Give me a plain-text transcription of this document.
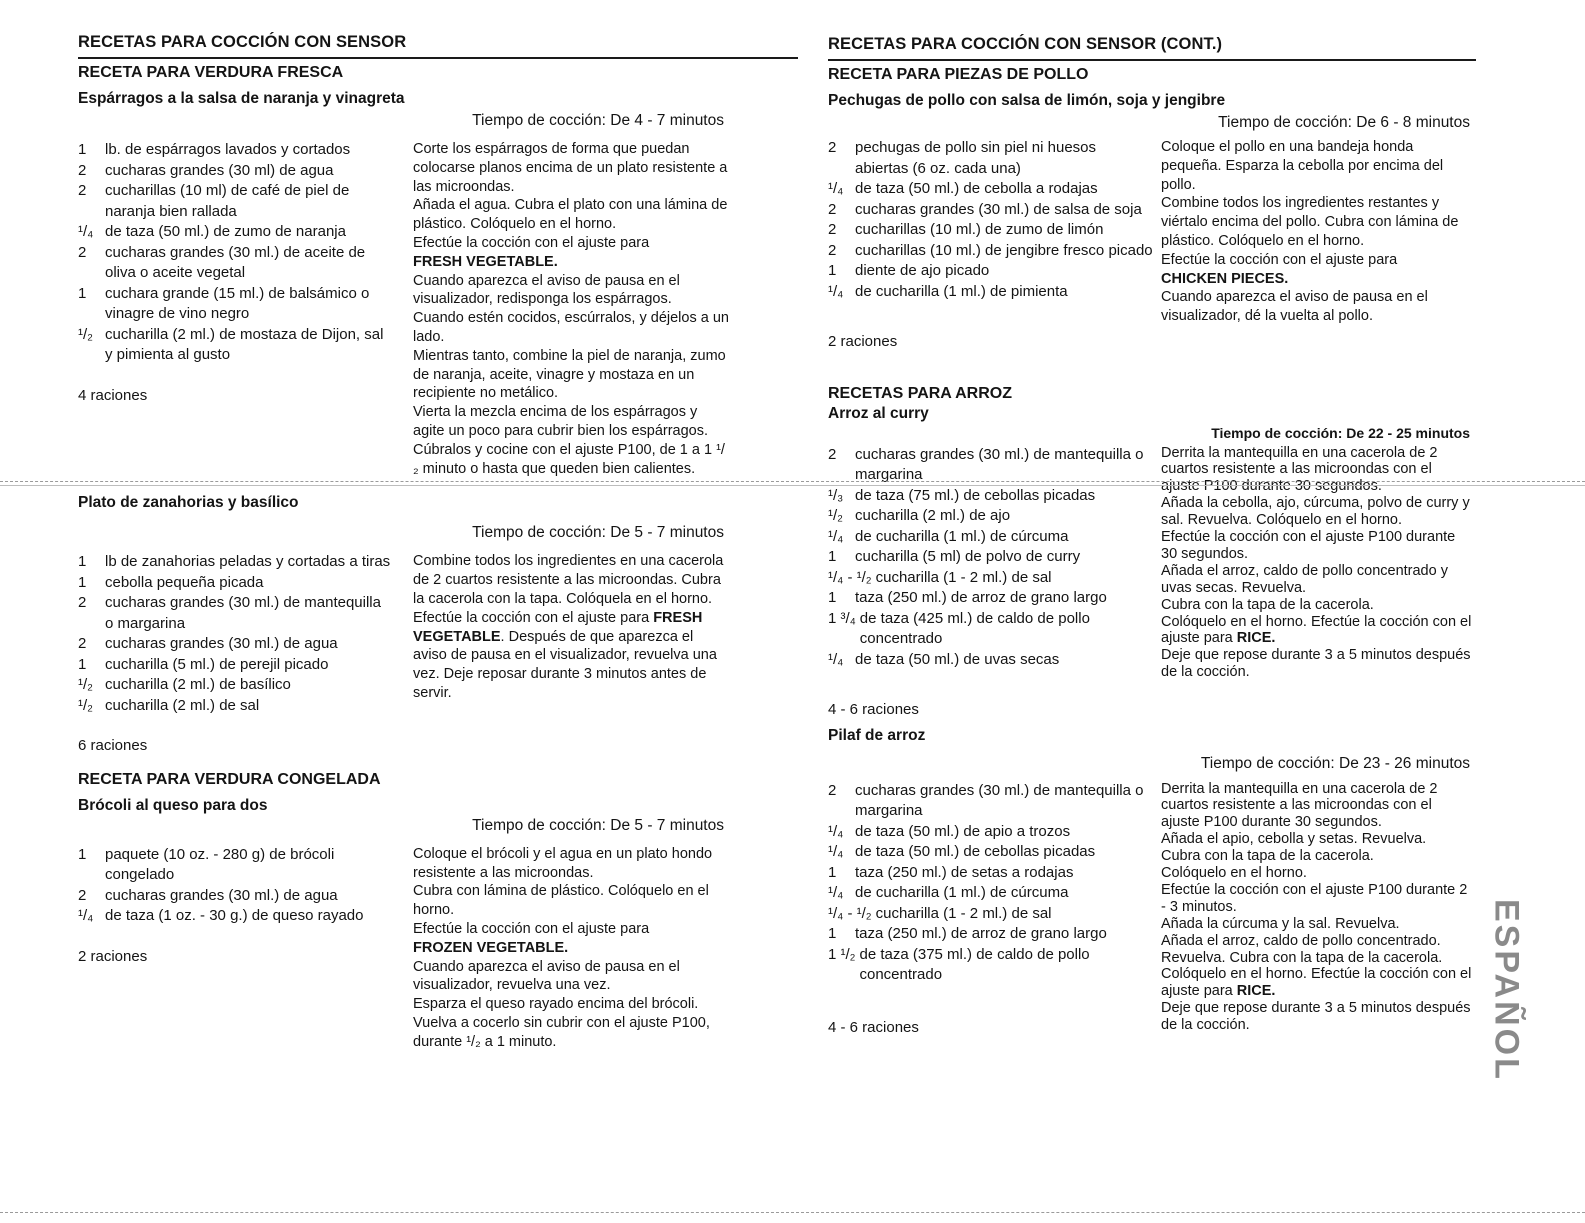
RECETAS PARA COCCIÓN CON SENSOR
RECETA PARA VERDURA FRESCA
Espárragos a la salsa de naranja y vinagreta
Tiempo de cocción: De 4 - 7 minutos
1	lb. de espárragos lavados y cortados
2	cucharas grandes (30 ml) de agua
2	cucharillas (10 ml) de café de piel de naranja bien rallada
¹/₄ de taza (50 ml.) de zumo de naranja
2	cucharas grandes (30 ml.) de aceite de oliva o aceite vegetal
1	cuchara grande (15 ml.) de balsámico o vinagre de vino negro
¹/₂ cucharilla (2 ml.) de mostaza de Dijon, sal y pimienta al gusto
4 raciones
Corte los espárragos de forma que puedan colocarse planos encima de un plato resistente a las microondas.
Añada el agua. Cubra el plato con una lámina de plástico. Colóquelo en el horno.
Efectúe la cocción con el ajuste para
FRESH VEGETABLE.
Cuando aparezca el aviso de pausa en el visualizador, redisponga los espárragos.
Cuando estén cocidos, escúrralos, y déjelos a un lado.
Mientras tanto, combine la piel de naranja, zumo de naranja, aceite, vinagre y mostaza en un recipiente no metálico.
Vierta la mezcla encima de los espárragos y agite un poco para cubrir bien los espárragos.
Cúbralos y cocine con el ajuste P100, de 1 a 1 ¹/₂ minuto o hasta que queden bien calientes.
Plato de zanahorias y basílico
Tiempo de cocción: De 5 - 7 minutos
1	lb de zanahorias peladas y cortadas a tiras
1	cebolla pequeña picada
2	cucharas grandes (30 ml.) de mantequilla o margarina
2	cucharas grandes (30 ml.) de agua
1	cucharilla (5 ml.) de perejil picado
¹/₂ cucharilla (2 ml.) de basílico
¹/₂ cucharilla (2 ml.) de sal
6 raciones
Combine todos los ingredientes en una cacerola de 2 cuartos resistente a las microondas. Cubra la cacerola con la tapa. Colóquela en el horno. Efectúe la cocción con el ajuste para FRESH VEGETABLE. Después de que aparezca el aviso de pausa en el visualizador, revuelva una vez. Deje reposar durante 3 minutos antes de servir.
RECETA PARA VERDURA CONGELADA
Brócoli al queso para dos
Tiempo de cocción: De 5 - 7 minutos
1	paquete (10 oz. - 280 g) de brócoli congelado
2	cucharas grandes (30 ml.) de agua
¹/₄ de taza (1 oz. - 30 g.) de queso rayado
2 raciones
Coloque el brócoli y el agua en un plato hondo resistente a las microondas.
Cubra con lámina de plástico. Colóquelo en el horno.
Efectúe la cocción con el ajuste para
FROZEN VEGETABLE.
Cuando aparezca el aviso de pausa en el visualizador, revuelva una vez.
Esparza el queso rayado encima del brócoli. Vuelva a cocerlo sin cubrir con el ajuste P100, durante ¹/₂ a 1 minuto.
RECETAS PARA COCCIÓN CON SENSOR (CONT.)
RECETA PARA PIEZAS DE POLLO
Pechugas de pollo con salsa de limón, soja y jengibre
Tiempo de cocción: De 6 - 8 minutos
2	pechugas de pollo sin piel ni huesos abiertas (6 oz. cada una)
¹/₄ de taza (50 ml.) de cebolla a rodajas
2	cucharas grandes (30 ml.) de salsa de soja
2	cucharillas (10 ml.) de zumo de limón
2	cucharillas (10 ml.) de jengibre fresco picado
1	diente de ajo picado
¹/₄ de cucharilla (1 ml.) de pimienta
2 raciones
Coloque el pollo en una bandeja honda pequeña. Esparza la cebolla por encima del pollo.
Combine todos los ingredientes restantes y viértalo encima del pollo. Cubra con lámina de plástico. Colóquelo en el horno.
Efectúe la cocción con el ajuste para
CHICKEN PIECES.
Cuando aparezca el aviso de pausa en el visualizador, dé la vuelta al pollo.
RECETAS PARA ARROZ
Arroz al curry
Tiempo de cocción: De 22 - 25 minutos
2	cucharas grandes (30 ml.) de mantequilla o margarina
¹/₃ de taza (75 ml.) de cebollas picadas
¹/₂ cucharilla (2 ml.) de ajo
¹/₄ de cucharilla (1 ml.) de cúrcuma
1	cucharilla (5 ml) de polvo de curry
¹/₄ - ¹/₂ cucharilla (1 - 2 ml.) de sal
1	taza (250 ml.) de arroz de grano largo
1 ³/₄ de taza (425 ml.) de caldo de pollo concentrado
¹/₄ de taza (50 ml.) de uvas secas
4 - 6 raciones
Derrita la mantequilla en una cacerola de 2 cuartos resistente a las microondas con el ajuste P100 durante 30 segundos.
Añada la cebolla, ajo, cúrcuma, polvo de curry y sal. Revuelva. Colóquelo en el horno.
Efectúe la cocción con el ajuste P100 durante 30 segundos.
Añada el arroz, caldo de pollo concentrado y uvas secas. Revuelva.
Cubra con la tapa de la cacerola.
Colóquelo en el horno. Efectúe la cocción con el ajuste para RICE.
Deje que repose durante 3 a 5 minutos después de la cocción.
Pilaf de arroz
Tiempo de cocción: De 23 - 26 minutos
2	cucharas grandes (30 ml.) de mantequilla o margarina
¹/₄ de taza (50 ml.) de apio a trozos
¹/₄ de taza (50 ml.) de cebollas picadas
1	taza (250 ml.) de setas a rodajas
¹/₄ de cucharilla (1 ml.) de cúrcuma
¹/₄ - ¹/₂ cucharilla (1 - 2 ml.) de sal
1	taza (250 ml.) de arroz de grano largo
1 ¹/₂ de taza (375 ml.) de caldo de pollo concentrado
4 - 6 raciones
Derrita la mantequilla en una cacerola de 2 cuartos resistente a las microondas con el ajuste P100 durante 30 segundos.
Añada el apio, cebolla y setas. Revuelva.
Cubra con la tapa de la cacerola.
Colóquelo en el horno.
Efectúe la cocción con el ajuste P100 durante 2 - 3 minutos.
Añada la cúrcuma y la sal. Revuelva.
Añada el arroz, caldo de pollo concentrado. Revuelva. Cubra con la tapa de la cacerola. Colóquelo en el horno. Efectúe la cocción con el ajuste para RICE.
Deje que repose durante 3 a 5 minutos después de la cocción.	ESPAÑOL
